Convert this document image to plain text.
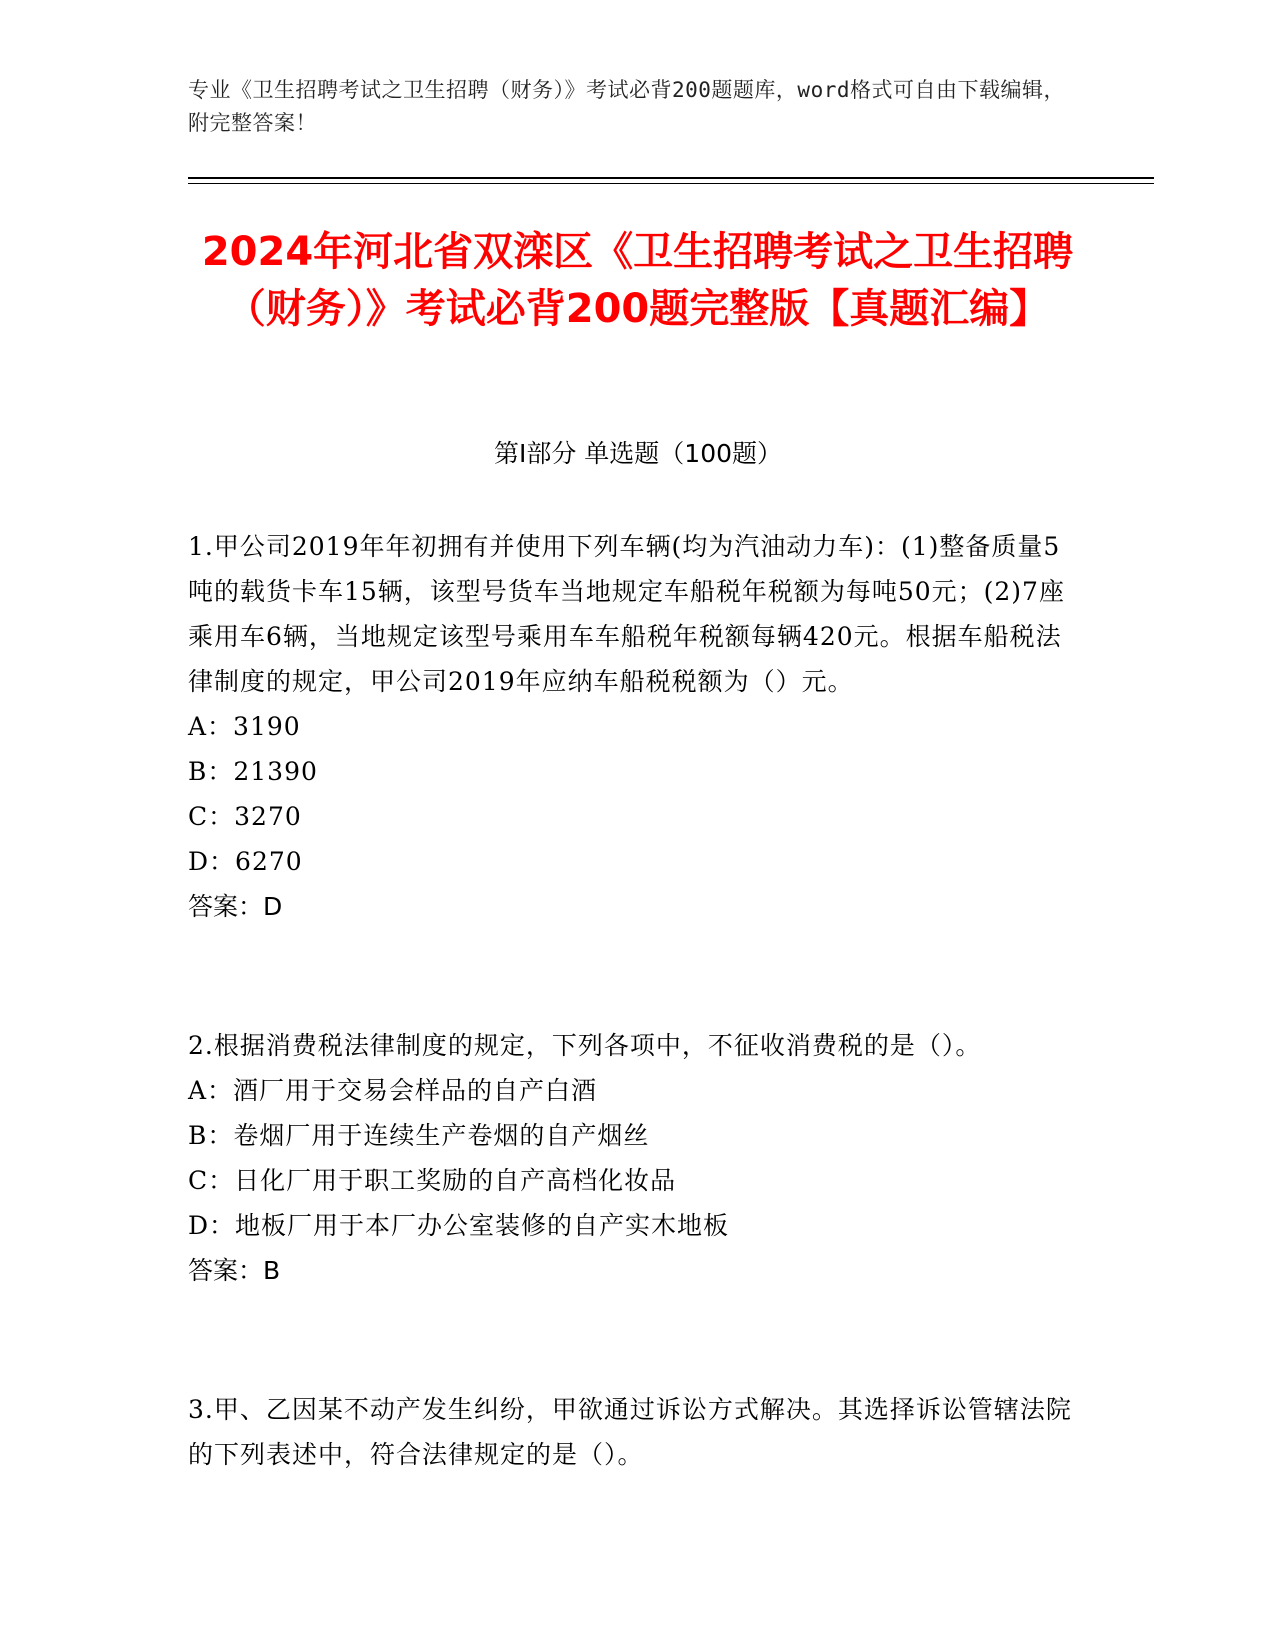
专业《卫生招聘考试之卫生招聘（财务）》考试必背200题题库，word格式可自由下载编辑，附完整答案！
2024年河北省双滦区《卫生招聘考试之卫生招聘（财务）》考试必背200题完整版【真题汇编】
第Ⅰ部分 单选题（100题）
1.甲公司2019年年初拥有并使用下列车辆(均为汽油动力车)：(1)整备质量5吨的载货卡车15辆，该型号货车当地规定车船税年税额为每吨50元；(2)7座乘用车6辆，当地规定该型号乘用车车船税年税额每辆420元。根据车船税法律制度的规定，甲公司2019年应纳车船税税额为（）元。
A：3190
B：21390
C：3270
D：6270
答案：D
2.根据消费税法律制度的规定，下列各项中，不征收消费税的是（）。
A：酒厂用于交易会样品的自产白酒
B：卷烟厂用于连续生产卷烟的自产烟丝
C：日化厂用于职工奖励的自产高档化妆品
D：地板厂用于本厂办公室装修的自产实木地板
答案：B
3.甲、乙因某不动产发生纠纷，甲欲通过诉讼方式解决。其选择诉讼管辖法院的下列表述中，符合法律规定的是（）。
